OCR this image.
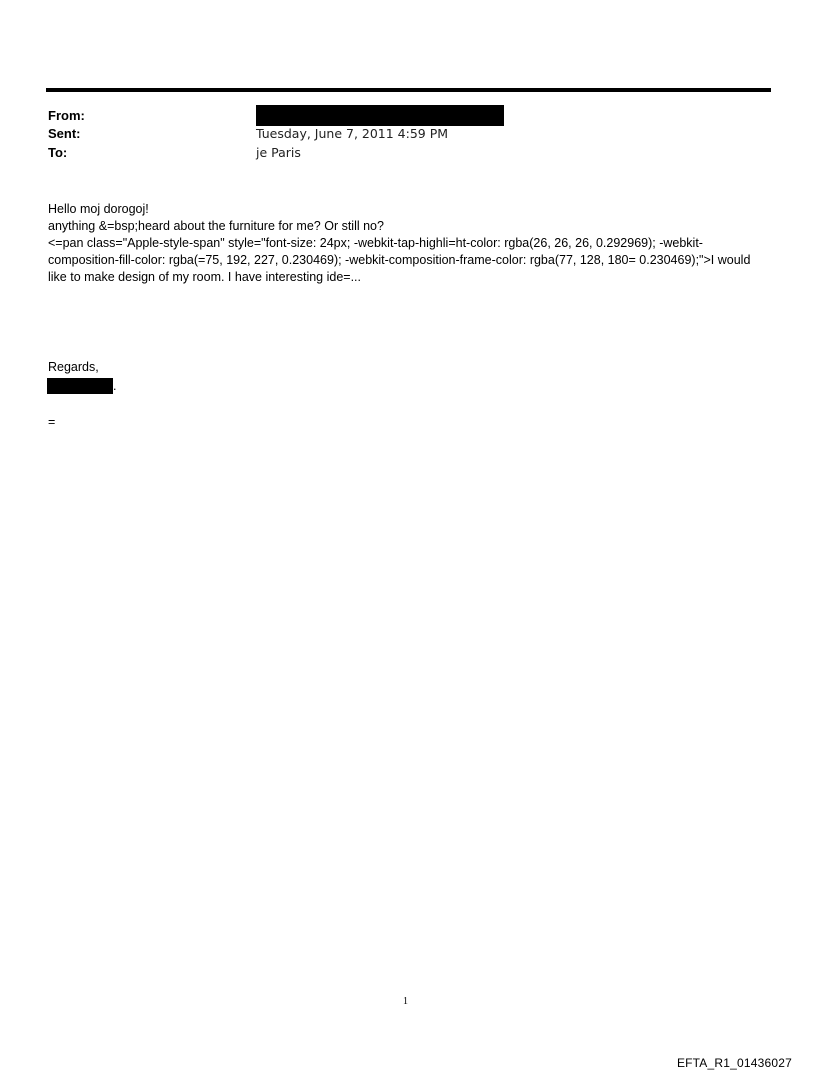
From:
Sent:	Tuesday, June 7, 2011 4:59 PM
To:	je Paris

Hello moj dorogoj!

anything &=bsp;heard about the furniture for me? Or still no?

<=pan class="Apple-style-span" style="font-size: 24px; -webkit-tap-highli=ht-color: rgba(26, 26, 26, 0.292969); -webkit-composition-fill-color: rgba(=75, 192, 227, 0.230469); -webkit-composition-frame-color: rgba(77, 128, 180= 0.230469);">I would like to make design of my room. I have interesting ide=...

Regards,
.
=
1
EFTA_R1_01436027
